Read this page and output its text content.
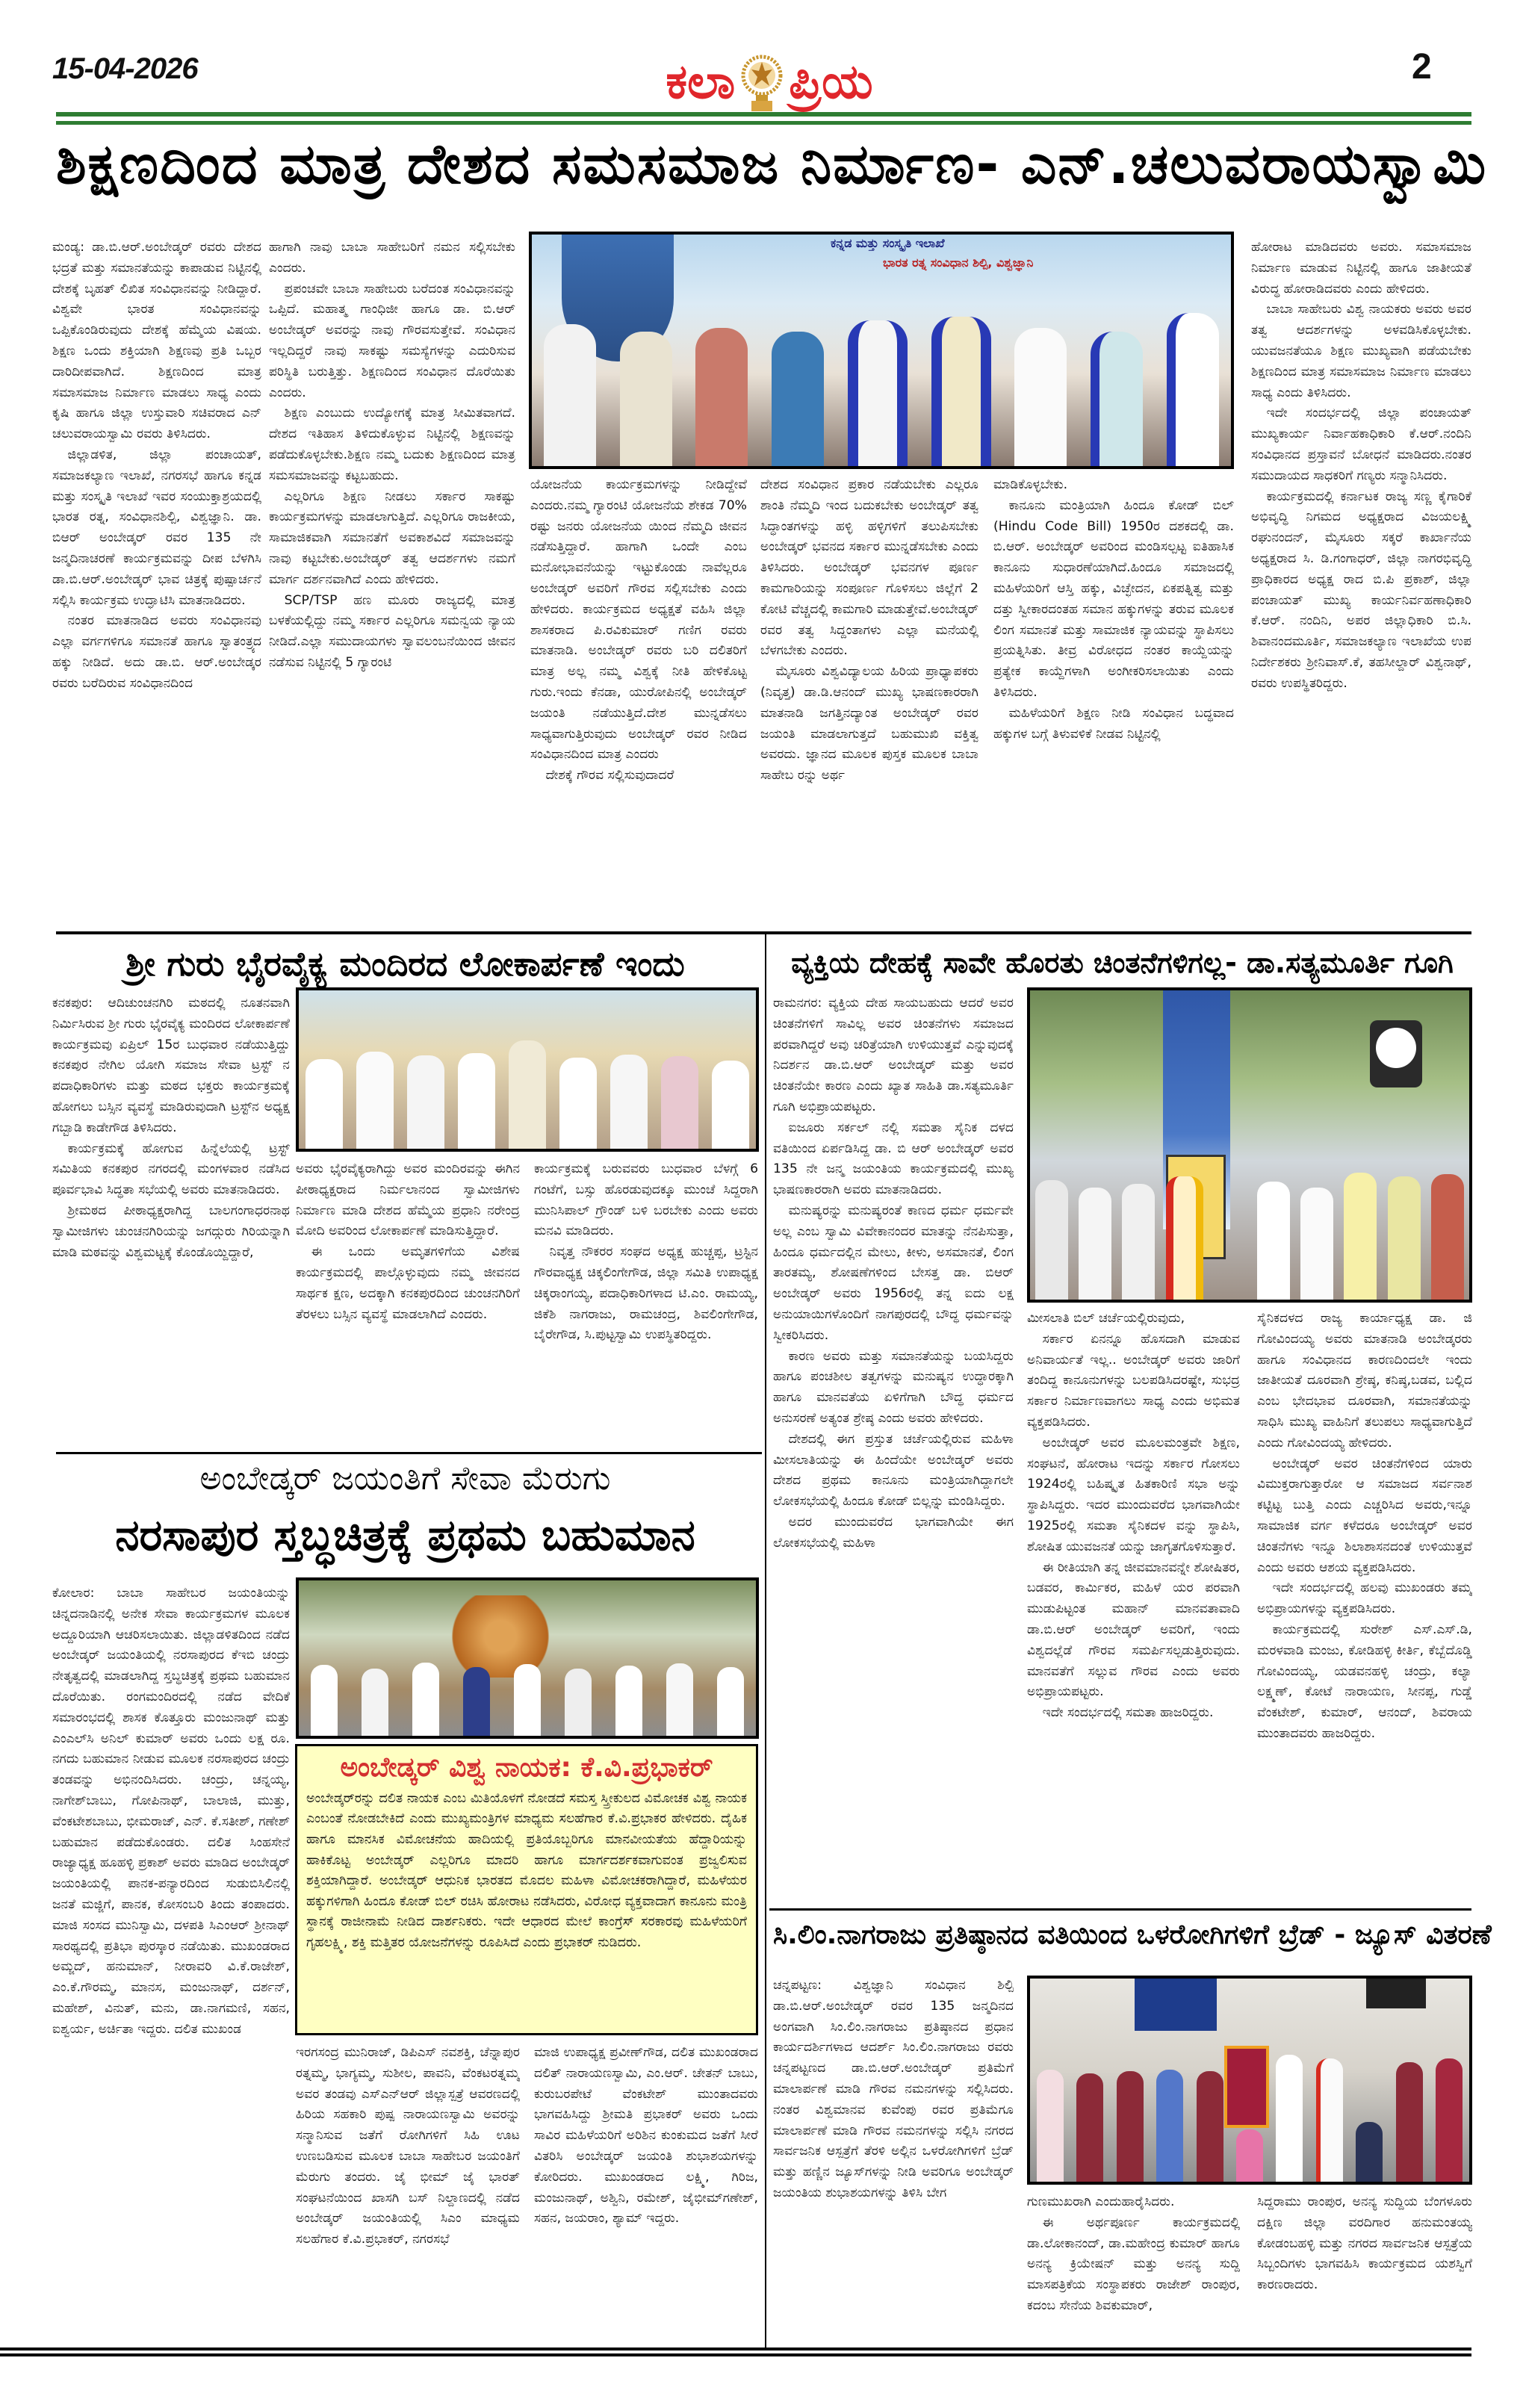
15-04-2026	ಕಲಾ ಪ್ರಿಯ	2
ಶಿಕ್ಷಣದಿಂದ ಮಾತ್ರ ದೇಶದ ಸಮಸಮಾಜ ನಿರ್ಮಾಣ- ಎನ್.ಚಲುವರಾಯಸ್ವಾಮಿ

ಮಂಡ್ಯ: ಡಾ.ಬಿ.ಆರ್.ಅಂಬೇಡ್ಕರ್ ರವರು ದೇಶದ ಭದ್ರತೆ ಮತ್ತು ಸಮಾನತೆಯನ್ನು ಕಾಪಾಡುವ ನಿಟ್ಟಿನಲ್ಲಿ ದೇಶಕ್ಕೆ ಬೃಹತ್ ಲಿಖಿತ ಸಂವಿಧಾನವನ್ನು ನೀಡಿದ್ದಾರೆ. ವಿಶ್ವವೇ ಭಾರತ ಸಂವಿಧಾನವನ್ನು ಒಪ್ಪಿಕೊಂಡಿರುವುದು ದೇಶಕ್ಕೆ ಹೆಮ್ಮೆಯ ವಿಷಯ. ಶಿಕ್ಷಣ ಒಂದು ಶಕ್ತಿಯಾಗಿ ಶಿಕ್ಷಣವು ಪ್ರತಿ ಒಬ್ಬರ ದಾರಿದೀಪವಾಗಿದೆ. ಶಿಕ್ಷಣದಿಂದ ಮಾತ್ರ ಸಮಾಸಮಾಜ ನಿರ್ಮಾಣ ಮಾಡಲು ಸಾಧ್ಯ ಎಂದು ಕೃಷಿ ಹಾಗೂ ಜಿಲ್ಲಾ ಉಸ್ತುವಾರಿ ಸಚಿವರಾದ ಎನ್ ಚಲುವರಾಯಸ್ವಾಮಿ ರವರು ತಿಳಿಸಿದರು.

ಜಿಲ್ಲಾಡಳಿತ, ಜಿಲ್ಲಾ ಪಂಚಾಯತ್, ಸಮಾಜಕಲ್ಯಾಣ ಇಲಾಖೆ, ನಗರಸಭೆ ಹಾಗೂ ಕನ್ನಡ ಮತ್ತು ಸಂಸ್ಕೃತಿ ಇಲಾಖೆ ಇವರ ಸಂಯುಕ್ತಾಶ್ರಯದಲ್ಲಿ ಭಾರತ ರತ್ನ, ಸಂವಿಧಾನಶಿಲ್ಪಿ, ವಿಶ್ವಜ್ಞಾನಿ. ಡಾ. ಬಿಆರ್ ಅಂಬೇಡ್ಕರ್ ರವರ 135 ನೇ ಜನ್ಮದಿನಾಚರಣೆ ಕಾರ್ಯಕ್ರಮವನ್ನು ದೀಪ ಬೆಳಗಿಸಿ ಡಾ.ಬಿ.ಆರ್.ಅಂಬೇಡ್ಕರ್ ಭಾವ ಚಿತ್ರಕ್ಕೆ ಪುಷ್ಪಾರ್ಚನೆ ಸಲ್ಲಿಸಿ ಕಾರ್ಯಕ್ರಮ ಉದ್ಘಾಟಿಸಿ ಮಾತನಾಡಿದರು.

ನಂತರ ಮಾತನಾಡಿದ ಅವರು ಸಂವಿಧಾನವು ಎಲ್ಲಾ ವರ್ಗಗಳಿಗೂ ಸಮಾನತೆ ಹಾಗೂ ಸ್ವಾತಂತ್ರ್ಯದ ಹಕ್ಕು ನೀಡಿದೆ. ಅದು ಡಾ.ಬಿ. ಆರ್.ಅಂಬೇಡ್ಕರ ರವರು ಬರೆದಿರುವ ಸಂವಿಧಾನದಿಂದ

ಹಾಗಾಗಿ ನಾವು ಬಾಬಾ ಸಾಹೇಬರಿಗೆ ನಮನ ಸಲ್ಲಿಸಬೇಕು ಎಂದರು.

ಪ್ರಪಂಚವೇ ಬಾಬಾ ಸಾಹೇಬರು ಬರೆದಂತ ಸಂವಿಧಾನವನ್ನು ಒಪ್ಪಿದೆ. ಮಹಾತ್ಮ ಗಾಂಧಿಜೀ ಹಾಗೂ ಡಾ. ಬಿ.ಆರ್ ಅಂಬೇಡ್ಕರ್ ಅವರನ್ನು ನಾವು ಗೌರವಸುತ್ತೇವೆ. ಸಂವಿಧಾನ ಇಲ್ಲದಿದ್ದರೆ ನಾವು ಸಾಕಷ್ಟು ಸಮಸ್ಯೆಗಳನ್ನು ಎದುರಿಸುವ ಪರಿಸ್ಥಿತಿ ಬರುತ್ತಿತ್ತು. ಶಿಕ್ಷಣದಿಂದ ಸಂವಿಧಾನ ದೊರೆಯಿತು ಎಂದರು.

ಶಿಕ್ಷಣ ಎಂಬುದು ಉದ್ಯೋಗಕ್ಕೆ ಮಾತ್ರ ಸೀಮಿತವಾಗದೆ. ದೇಶದ ಇತಿಹಾಸ ತಿಳಿದುಕೊಳ್ಳುವ ನಿಟ್ಟಿನಲ್ಲಿ ಶಿಕ್ಷಣವನ್ನು ಪಡೆದುಕೊಳ್ಳಬೇಕು.ಶಿಕ್ಷಣ ನಮ್ಮ ಬದುಕು ಶಿಕ್ಷಣದಿಂದ ಮಾತ್ರ ಸಮಸಮಾಜವನ್ನು ಕಟ್ಟಬಹುದು.

ಎಲ್ಲರಿಗೂ ಶಿಕ್ಷಣ ನೀಡಲು ಸರ್ಕಾರ ಸಾಕಷ್ಟು ಕಾರ್ಯಕ್ರಮಗಳನ್ನು ಮಾಡಲಾಗುತ್ತಿದೆ. ಎಲ್ಲರಿಗೂ ರಾಜಕೀಯ, ಸಾಮಾಜಿಕವಾಗಿ ಸಮಾನತೆಗೆ ಅವಕಾಶವಿದೆ ಸಮಾಜವನ್ನು ನಾವು ಕಟ್ಟಬೇಕು.ಅಂಬೇಡ್ಕರ್ ತತ್ವ ಆದರ್ಶಗಳು ನಮಗೆ ಮಾರ್ಗ ದರ್ಶನವಾಗಿದೆ ಎಂದು ಹೇಳಿದರು.

SCP/TSP ಹಣ ಮೂರು ರಾಜ್ಯದಲ್ಲಿ ಮಾತ್ರ ಬಳಕೆಯಲ್ಲಿದ್ದು ನಮ್ಮ ಸರ್ಕಾರ ಎಲ್ಲರಿಗೂ ಸಮನ್ವಯ ನ್ಯಾಯ ನೀಡಿದೆ.ಎಲ್ಲಾ ಸಮುದಾಯಗಳು ಸ್ವಾವಲಂಬನೆಯಿಂದ ಜೀವನ ನಡೆಸುವ ನಿಟ್ಟಿನಲ್ಲಿ 5 ಗ್ಯಾರಂಟಿ

ಕನ್ನಡ ಮತ್ತು ಸಂಸ್ಕೃತಿ ಇಲಾಖೆ
ಭಾರತ ರತ್ನ ಸಂವಿಧಾನ ಶಿಲ್ಪಿ, ವಿಶ್ವಜ್ಞಾನಿ

ಯೋಜನೆಯ ಕಾರ್ಯಕ್ರಮಗಳನ್ನು ನೀಡಿದ್ದೇವೆ ಎಂದರು.ನಮ್ಮ ಗ್ಯಾರಂಟಿ ಯೋಜನೆಯ ಶೇಕಡ 70% ರಷ್ಟು ಜನರು ಯೋಜನೆಯ ಯಿಂದ ನೆಮ್ಮದಿ ಜೀವನ ನಡೆಸುತ್ತಿದ್ದಾರೆ. ಹಾಗಾಗಿ ಒಂದೇ ಎಂಬ ಮನೋಭಾವನೆಯನ್ನು ಇಟ್ಟುಕೊಂಡು ನಾವೆಲ್ಲರೂ ಅಂಬೇಡ್ಕರ್ ಅವರಿಗೆ ಗೌರವ ಸಲ್ಲಿಸಬೇಕು ಎಂದು ಹೇಳಿದರು. ಕಾರ್ಯಕ್ರಮದ ಅಧ್ಯಕ್ಷತೆ ವಹಿಸಿ ಜಿಲ್ಲಾ ಶಾಸಕರಾದ ಪಿ.ರವಿಕುಮಾರ್ ಗಣಿಗ ರವರು ಮಾತನಾಡಿ. ಅಂಬೇಡ್ಕರ್ ರವರು ಬರಿ ದಲಿತರಿಗೆ ಮಾತ್ರ ಅಲ್ಲ ನಮ್ಮ ವಿಶ್ವಕ್ಕೆ ನೀತಿ ಹೇಳಿಕೊಟ್ಟ ಗುರು.ಇಂದು ಕೆನಡಾ, ಯುರೋಪಿನಲ್ಲಿ ಅಂಬೇಡ್ಕರ್ ಜಯಂತಿ ನಡೆಯುತ್ತಿದೆ.ದೇಶ ಮುನ್ನಡೆಸಲು ಸಾಧ್ಯವಾಗುತ್ತಿರುವುದು ಅಂಬೇಡ್ಕರ್ ರವರ ನೀಡಿದ ಸಂವಿಧಾನದಿಂದ ಮಾತ್ರ ಎಂದರು

ದೇಶಕ್ಕೆ ಗೌರವ ಸಲ್ಲಿಸುವುದಾದರೆ

ದೇಶದ ಸಂವಿಧಾನ ಪ್ರಕಾರ ನಡೆಯಬೇಕು ಎಲ್ಲರೂ ಶಾಂತಿ ನೆಮ್ಮದಿ ಇಂದ ಬದುಕಬೇಕು ಅಂಬೇಡ್ಕರ್ ತತ್ವ ಸಿದ್ಧಾಂತಗಳನ್ನು ಹಳ್ಳಿ ಹಳ್ಳಿಗಳಿಗೆ ತಲುಪಿಸಬೇಕು ಅಂಬೇಡ್ಕರ್ ಭವನದ ಸರ್ಕಾರ ಮುನ್ನಡೆಸಬೇಕು ಎಂದು ತಿಳಿಸಿದರು. ಅಂಬೇಡ್ಕರ್ ಭವನಗಳ ಪೂರ್ಣ ಕಾಮಗಾರಿಯನ್ನು ಸಂಪೂರ್ಣ ಗೊಳಿಸಲು ಜಿಲ್ಲೆಗೆ 2 ಕೋಟಿ ವೆಚ್ಚದಲ್ಲಿ ಕಾಮಗಾರಿ ಮಾಡುತ್ತೇವೆ.ಅಂಬೇಡ್ಕರ್ ರವರ ತತ್ವ ಸಿದ್ದಂತಾಗಳು ಎಲ್ಲಾ ಮನೆಯಲ್ಲಿ ಬೆಳಗಬೇಕು ಎಂದರು.

ಮೈಸೂರು ವಿಶ್ವವಿದ್ಯಾಲಯ ಹಿರಿಯ ಪ್ರಾಧ್ಯಾಪಕರು (ನಿವೃತ್ತ) ಡಾ.ಡಿ.ಆನಂದ್ ಮುಖ್ಯ ಭಾಷಣಕಾರರಾಗಿ ಮಾತನಾಡಿ ಜಗತ್ತಿನದ್ಯಾಂತ ಅಂಬೇಡ್ಕರ್ ರವರ ಜಯಂತಿ ಮಾಡಲಾಗುತ್ತದೆ ಬಹುಮುಖಿ ವಕ್ತಿತ್ವ ಅವರದು. ಜ್ಞಾನದ ಮೂಲಕ ಪುಸ್ತಕ ಮೂಲಕ ಬಾಬಾ ಸಾಹೇಬ ರನ್ನು ಅರ್ಥ

ಮಾಡಿಕೊಳ್ಳಬೇಕು.

ಕಾನೂನು ಮಂತ್ರಿಯಾಗಿ ಹಿಂದೂ ಕೋಡ್ ಬಿಲ್ (Hindu Code Bill) 1950ರ ದಶಕದಲ್ಲಿ ಡಾ. ಬಿ.ಆರ್. ಅಂಬೇಡ್ಕರ್ ಅವರಿಂದ ಮಂಡಿಸಲ್ಪಟ್ಟ ಐತಿಹಾಸಿಕ ಕಾನೂನು ಸುಧಾರಣೆಯಾಗಿದೆ.ಹಿಂದೂ ಸಮಾಜದಲ್ಲಿ ಮಹಿಳೆಯರಿಗೆ ಆಸ್ತಿ ಹಕ್ಕು, ವಿಚ್ಛೇದನ, ಏಕಪತ್ನಿತ್ವ ಮತ್ತು ದತ್ತು ಸ್ವೀಕಾರದಂತಹ ಸಮಾನ ಹಕ್ಕುಗಳನ್ನು ತರುವ ಮೂಲಕ ಲಿಂಗ ಸಮಾನತೆ ಮತ್ತು ಸಾಮಾಜಿಕ ನ್ಯಾಯವನ್ನು ಸ್ಥಾಪಿಸಲು ಪ್ರಯತ್ನಿಸಿತು. ತೀವ್ರ ವಿರೋಧದ ನಂತರ ಕಾಯ್ದೆಯನ್ನು ಪ್ರತ್ಯೇಕ ಕಾಯ್ದೆಗಳಾಗಿ ಅಂಗೀಕರಿಸಲಾಯಿತು ಎಂದು ತಿಳಿಸಿದರು.

ಮಹಿಳೆಯರಿಗೆ ಶಿಕ್ಷಣ ನೀಡಿ ಸಂವಿಧಾನ ಬದ್ಧವಾದ ಹಕ್ಕುಗಳ ಬಗ್ಗೆ ತಿಳುವಳಿಕೆ ನೀಡವ ನಿಟ್ಟಿನಲ್ಲಿ

ಹೋರಾಟ ಮಾಡಿದವರು ಅವರು. ಸಮಾಸಮಾಜ ನಿರ್ಮಾಣ ಮಾಡುವ ನಿಟ್ಟಿನಲ್ಲಿ ಹಾಗೂ ಜಾತೀಯತೆ ವಿರುದ್ಧ ಹೋರಾಡಿದವರು ಎಂದು ಹೇಳಿದರು.

ಬಾಬಾ ಸಾಹೇಬರು ವಿಶ್ವ ನಾಯಕರು ಅವರು ಅವರ ತತ್ವ ಆದರ್ಶಗಳನ್ನು ಅಳವಡಿಸಿಕೊಳ್ಳಬೇಕು. ಯುವಜನತೆಯೂ ಶಿಕ್ಷಣ ಮುಖ್ಯವಾಗಿ ಪಡೆಯಬೇಕು ಶಿಕ್ಷಣದಿಂದ ಮಾತ್ರ ಸಮಾಸಮಾಜ ನಿರ್ಮಾಣ ಮಾಡಲು ಸಾಧ್ಯ ಎಂದು ತಿಳಿಸಿದರು.

ಇದೇ ಸಂದರ್ಭದಲ್ಲಿ ಜಿಲ್ಲಾ ಪಂಚಾಯತ್ ಮುಖ್ಯಕಾರ್ಯ ನಿರ್ವಾಹಕಾಧಿಕಾರಿ ಕೆ.ಆರ್.ನಂದಿನಿ ಸಂವಿಧಾನದ ಪ್ರಸ್ತಾವನೆ ಬೋಧನೆ ಮಾಡಿದರು.ನಂತರ ಸಮುದಾಯದ ಸಾಧಕರಿಗೆ ಗಣ್ಯರು ಸನ್ಮಾನಿಸಿದರು.

ಕಾರ್ಯಕ್ರಮದಲ್ಲಿ ಕರ್ನಾಟಕ ರಾಜ್ಯ ಸಣ್ಣ ಕೈಗಾರಿಕೆ ಅಭಿವೃದ್ಧಿ ನಿಗಮದ ಅಧ್ಯಕ್ಷರಾದ ವಿಜಯಲಕ್ಷ್ಮಿ ರಘುನಂದನ್, ಮೈಸೂರು ಸಕ್ಕರೆ ಕಾರ್ಖಾನೆಯ ಅಧ್ಯಕ್ಷರಾದ ಸಿ. ಡಿ.ಗಂಗಾಧರ್, ಜಿಲ್ಲಾ ನಾಗರಭಿವೃದ್ಧಿ ಪ್ರಾಧಿಕಾರದ ಅಧ್ಯಕ್ಷ ರಾದ ಬಿ.ಪಿ ಪ್ರಕಾಶ್, ಜಿಲ್ಲಾ ಪಂಚಾಯತ್ ಮುಖ್ಯ ಕಾರ್ಯನಿರ್ವಹಣಾಧಿಕಾರಿ ಕೆ.ಆರ್. ನಂದಿನಿ, ಅಪರ ಜಿಲ್ಲಾಧಿಕಾರಿ ಬಿ.ಸಿ. ಶಿವಾನಂದಮೂರ್ತಿ, ಸಮಾಜಕಲ್ಯಾಣ ಇಲಾಖೆಯ ಉಪ ನಿರ್ದೇಶಕರು ಶ್ರೀನಿವಾಸ್.ಕೆ, ತಹಸೀಲ್ದಾರ್ ವಿಶ್ವನಾಥ್, ರವರು ಉಪಸ್ಥಿತರಿದ್ದರು.

ಶ್ರೀ ಗುರು ಭೈರವೈಕ್ಯ ಮಂದಿರದ ಲೋಕಾರ್ಪಣೆ ಇಂದು

ಕನಕಪುರ: ಆದಿಚುಂಚನಗಿರಿ ಮಠದಲ್ಲಿ ನೂತನವಾಗಿ ನಿರ್ಮಿಸಿರುವ ಶ್ರೀ ಗುರು ಭೈರವೈಕ್ಯ ಮಂದಿರದ ಲೋಕಾರ್ಪಣೆ ಕಾರ್ಯಕ್ರಮವು ಏಪ್ರಿಲ್ 15ರ ಬುಧವಾರ ನಡೆಯುತ್ತಿದ್ದು ಕನಕಪುರ ನೇಗಿಲ ಯೋಗಿ ಸಮಾಜ ಸೇವಾ ಟ್ರಸ್ಟ್ ನ ಪದಾಧಿಕಾರಿಗಳು ಮತ್ತು ಮಠದ ಭಕ್ತರು ಕಾರ್ಯಕ್ರಮಕ್ಕೆ ಹೋಗಲು ಬಸ್ಸಿನ ವ್ಯವಸ್ಥೆ ಮಾಡಿರುವುದಾಗಿ ಟ್ರಸ್ಟ್‌ನ ಅಧ್ಯಕ್ಷ ಗಬ್ಬಾಡಿ ಕಾಡೇಗೌಡ ತಿಳಿಸಿದರು.

ಕಾರ್ಯಕ್ರಮಕ್ಕೆ ಹೋಗುವ ಹಿನ್ನೆಲೆಯಲ್ಲಿ ಟ್ರಸ್ಟ್ ಸಮಿತಿಯ ಕನಕಪುರ ನಗರದಲ್ಲಿ ಮಂಗಳವಾರ ನಡೆಸಿದ ಪೂರ್ವಭಾವಿ ಸಿದ್ಧತಾ ಸಭೆಯಲ್ಲಿ ಅವರು ಮಾತನಾಡಿದರು.

ಶ್ರೀಮಠದ ಪೀಠಾಧ್ಯಕ್ಷರಾಗಿದ್ದ ಬಾಲಗಂಗಾಧರನಾಥ ಸ್ವಾಮೀಜಿಗಳು ಚುಂಚನಗಿರಿಯನ್ನು ಜಗದ್ಗುರು ಗಿರಿಯನ್ನಾಗಿ ಮಾಡಿ ಮಠವನ್ನು ವಿಶ್ವಮಟ್ಟಕ್ಕೆ ಕೊಂಡೊಯ್ದಿದ್ದಾರೆ,

ಅವರು ಭೈರವೈಕ್ಯರಾಗಿದ್ದು ಅವರ ಮಂದಿರವನ್ನು ಈಗಿನ ಪೀಠಾಧ್ಯಕ್ಷರಾದ ನಿರ್ಮಲಾನಂದ ಸ್ವಾಮೀಜಿಗಳು ನಿರ್ಮಾಣ ಮಾಡಿ ದೇಶದ ಹೆಮ್ಮೆಯ ಪ್ರಧಾನಿ ನರೇಂದ್ರ ಮೋದಿ ಅವರಿಂದ ಲೋಕಾರ್ಪಣೆ ಮಾಡಿಸುತ್ತಿದ್ದಾರೆ.

ಈ ಒಂದು ಅಮೃತಗಳಿಗೆಯ ವಿಶೇಷ ಕಾರ್ಯಕ್ರಮದಲ್ಲಿ ಪಾಲ್ಗೊಳ್ಳುವುದು ನಮ್ಮ ಜೀವನದ ಸಾರ್ಥಕ ಕ್ಷಣ, ಅದಕ್ಕಾಗಿ ಕನಕಪುರದಿಂದ ಚುಂಚನಗಿರಿಗೆ ತೆರಳಲು ಬಸ್ಸಿನ ವ್ಯವಸ್ಥೆ ಮಾಡಲಾಗಿದೆ ಎಂದರು.

ಕಾರ್ಯಕ್ರಮಕ್ಕೆ ಬರುವವರು ಬುಧವಾರ ಬೆಳಗ್ಗೆ 6 ಗಂಟೆಗೆ, ಬಸ್ಸು ಹೊರಡುವುದಕ್ಕೂ ಮುಂಚೆ ಸಿದ್ದರಾಗಿ ಮುನಿಸಿಪಾಲ್ ಗ್ರೌಂಡ್ ಬಳಿ ಬರಬೇಕು ಎಂದು ಅವರು ಮನವಿ ಮಾಡಿದರು.

ನಿವೃತ್ತ ನೌಕರರ ಸಂಘದ ಅಧ್ಯಕ್ಷ ಹುಚ್ಚಪ್ಪ, ಟ್ರಸ್ಟಿನ ಗೌರವಾಧ್ಯಕ್ಷ ಚಿಕ್ಕಲಿಂಗೇಗೌಡ, ಜಿಲ್ಲಾ ಸಮಿತಿ ಉಪಾಧ್ಯಕ್ಷ ಚಿಕ್ಕರಾಂಗಯ್ಯ, ಪದಾಧಿಕಾರಿಗಳಾದ ಟಿ.ಎಂ. ರಾಮಯ್ಯ, ಜಿಕೆಶಿ ನಾಗರಾಜು, ರಾಮಚಂದ್ರ, ಶಿವಲಿಂಗೇಗೌಡ, ಬೈರೇಗೌಡ, ಸಿ.ಪುಟ್ಟಸ್ವಾಮಿ ಉಪಸ್ಥಿತರಿದ್ದರು.

ಅಂಬೇಡ್ಕರ್ ಜಯಂತಿಗೆ ಸೇವಾ ಮೆರುಗು
ನರಸಾಪುರ ಸ್ತಬ್ಧಚಿತ್ರಕ್ಕೆ ಪ್ರಥಮ ಬಹುಮಾನ

ಕೋಲಾರ: ಬಾಬಾ ಸಾಹೇಬರ ಜಯಂತಿಯನ್ನು ಚಿನ್ನದನಾಡಿನಲ್ಲಿ ಅನೇಕ ಸೇವಾ ಕಾರ್ಯಕ್ರಮಗಳ ಮೂಲಕ ಅದ್ದೂರಿಯಾಗಿ ಆಚರಿಸಲಾಯಿತು. ಜಿಲ್ಲಾಡಳಿತದಿಂದ ನಡೆದ ಅಂಬೇಡ್ಕರ್ ಜಯಂತಿಯಲ್ಲಿ ನರಸಾಪುರದ ಕೆಇಬಿ ಚಂದ್ರು ನೇತೃತ್ವದಲ್ಲಿ ಮಾಡಲಾಗಿದ್ದ ಸ್ತಬ್ಧಚಿತ್ರಕ್ಕೆ ಪ್ರಥಮ ಬಹುಮಾನ ದೊರೆಯಿತು. ರಂಗಮಂದಿರದಲ್ಲಿ ನಡೆದ ವೇದಿಕೆ ಸಮಾರಂಭದಲ್ಲಿ ಶಾಸಕ ಕೊತ್ತೂರು ಮಂಜುನಾಥ್ ಮತ್ತು ಎಂಎಲ್‌ಸಿ ಅನಿಲ್ ಕುಮಾರ್ ಅವರು ಒಂದು ಲಕ್ಷ ರೂ. ನಗದು ಬಹುಮಾನ ನೀಡುವ ಮೂಲಕ ನರಸಾಪುರದ ಚಂದ್ರು ತಂಡವನ್ನು ಅಭಿನಂದಿಸಿದರು. ಚಂದ್ರು, ಚನ್ನಯ್ಯ, ನಾಗೇಶ್‌ಬಾಬು, ಗೋಪಿನಾಥ್, ಬಾಲಾಜಿ, ಮುತ್ತು, ವೆಂಕಟೇಶಬಾಬು, ಭೀಮರಾಜ್, ಎನ್. ಕೆ.ಸತೀಶ್, ಗಣೇಶ್ ಬಹುಮಾನ ಪಡೆದುಕೊಂಡರು. ದಲಿತ ಸಿಂಹಸೇನೆ ರಾಜ್ಯಾಧ್ಯಕ್ಷ ಹೂಹಳ್ಳಿ ಪ್ರಕಾಶ್ ಅವರು ಮಾಡಿದ ಅಂಬೇಡ್ಕರ್ ಜಯಂತಿಯಲ್ಲಿ ಪಾನಕ-ಪನ್ಯಾರದಿಂದ ಸುಡುಬಿಸಿಲಿನಲ್ಲಿ ಜನತೆ ಮಜ್ಜಿಗೆ, ಪಾನಕ, ಕೋಸಂಬರಿ ತಿಂದು ತಂಪಾದರು. ಮಾಜಿ ಸಂಸದ ಮುನಿಸ್ವಾಮಿ, ದಳಪತಿ ಸಿಎಂಆರ್ ಶ್ರೀನಾಥ್ ಸಾರಥ್ಯದಲ್ಲಿ ಪ್ರತಿಭಾ ಪುರಸ್ಕಾರ ನಡೆಯಿತು. ಮುಖಂಡರಾದ ಅಮ್ಜದ್, ಹನುಮಾನ್, ನೀರಾವರಿ ವಿ.ಕೆ.ರಾಜೇಶ್, ಎಂ.ಕೆ.ಗೌರಮ್ಮ, ಮಾನಸ, ಮಂಜುನಾಥ್, ದರ್ಶನ್, ಮಹೇಶ್, ವಿನುತ್, ಮನು, ಡಾ.ನಾಗಮಣಿ, ಸಹನ, ಐಶ್ವರ್ಯ, ಅರ್ಚಿತಾ ಇದ್ದರು. ದಲಿತ ಮುಖಂಡ

ಅಂಬೇಡ್ಕರ್ ವಿಶ್ವ ನಾಯಕ: ಕೆ.ವಿ.ಪ್ರಭಾಕರ್
ಅಂಬೇಡ್ಕರ್‌ರನ್ನು ದಲಿತ ನಾಯಕ ಎಂಬ ಮಿತಿಯೊಳಗೆ ನೋಡದೆ ಸಮಸ್ತ ಸ್ತ್ರೀಕುಲದ ವಿಮೋಚಕ ವಿಶ್ವ ನಾಯಕ ಎಂಬಂತೆ ನೋಡಬೇಕಿದೆ ಎಂದು ಮುಖ್ಯಮಂತ್ರಿಗಳ ಮಾಧ್ಯಮ ಸಲಹೆಗಾರ ಕೆ.ವಿ.ಪ್ರಭಾಕರ ಹೇಳಿದರು. ದೈಹಿಕ ಹಾಗೂ ಮಾನಸಿಕ ವಿಮೋಚನೆಯ ಹಾದಿಯಲ್ಲಿ ಪ್ರತಿಯೊಬ್ಬರಿಗೂ ಮಾನವೀಯತೆಯ ಹೆದ್ದಾರಿಯನ್ನು ಹಾಕಿಕೊಟ್ಟ ಅಂಬೇಡ್ಕರ್ ಎಲ್ಲರಿಗೂ ಮಾದರಿ ಹಾಗೂ ಮಾರ್ಗದರ್ಶಕವಾಗುವಂತ ಪ್ರಜ್ವಲಿಸುವ ಶಕ್ತಿಯಾಗಿದ್ದಾರೆ. ಅಂಬೇಡ್ಕರ್ ಆಧುನಿಕ ಭಾರತದ ಮೊದಲ ಮಹಿಳಾ ವಿಮೋಚಕರಾಗಿದ್ದಾರೆ, ಮಹಿಳೆಯರ ಹಕ್ಕುಗಳಿಗಾಗಿ ಹಿಂದೂ ಕೋಡ್ ಬಿಲ್ ರಚಿಸಿ ಹೋರಾಟ ನಡೆಸಿದರು, ವಿರೋಧ ವ್ಯಕ್ತವಾದಾಗ ಕಾನೂನು ಮಂತ್ರಿ ಸ್ಥಾನಕ್ಕೆ ರಾಜೀನಾಮೆ ನೀಡಿದ ದಾರ್ಶನಿಕರು. ಇದೇ ಆಧಾರದ ಮೇಲೆ ಕಾಂಗ್ರೆಸ್ ಸರಕಾರವು ಮಹಿಳೆಯರಿಗೆ ಗೃಹಲಕ್ಷ್ಮಿ, ಶಕ್ತಿ ಮತ್ತಿತರ ಯೋಜನೆಗಳನ್ನು ರೂಪಿಸಿದೆ ಎಂದು ಪ್ರಭಾಕರ್ ನುಡಿದರು.

ಇರಗಸಂದ್ರ ಮುನಿರಾಜ್, ಡಿಪಿಎಸ್ ನವಶಕ್ತಿ, ಚೆನ್ನಾಪುರ ರತ್ನಮ್ಮ, ಭಾಗ್ಯಮ್ಮ, ಸುಶೀಲ, ಪಾವನಿ, ವೆಂಕಟರತ್ನಮ್ಮ ಅವರ ತಂಡವು ಎಸ್ಎನ್ಆರ್ ಜಿಲ್ಲಾಸ್ಪತ್ರೆ ಆವರಣದಲ್ಲಿ ಹಿರಿಯ ಸಹಕಾರಿ ಪುಷ್ಪ ನಾರಾಯಣಸ್ವಾಮಿ ಅವರನ್ನು ಸನ್ಮಾನಿಸುವ ಜತೆಗೆ ರೋಗಿಗಳಿಗೆ ಸಿಹಿ ಊಟ ಉಣಬಡಿಸುವ ಮೂಲಕ ಬಾಬಾ ಸಾಹೇಬರ ಜಯಂತಿಗೆ ಮೆರುಗು ತಂದರು. ಜೈ ಭೀಮ್ ಜೈ ಭಾರತ್ ಸಂಘಟನೆಯಿಂದ ಖಾಸಗಿ ಬಸ್ ನಿಲ್ದಾಣದಲ್ಲಿ ನಡೆದ ಅಂಬೇಡ್ಕರ್ ಜಯಂತಿಯಲ್ಲಿ ಸಿಎಂ ಮಾಧ್ಯಮ ಸಲಹೆಗಾರ ಕೆ.ವಿ.ಪ್ರಭಾಕರ್, ನಗರಸಭೆ

ಮಾಜಿ ಉಪಾಧ್ಯಕ್ಷ ಪ್ರವೀಣ್‌ಗೌಡ, ದಲಿತ ಮುಖಂಡರಾದ ದಲಿತ್ ನಾರಾಯಣಸ್ವಾಮಿ, ಎಂ.ಆರ್. ಚೇತನ್ ಬಾಬು, ಕುರುಬರಪೇಟೆ ವೆಂಕಟೇಶ್ ಮುಂತಾದವರು ಭಾಗವಹಿಸಿದ್ದು ಶ್ರೀಮತಿ ಪ್ರಭಾಕರ್ ಅವರು ಒಂದು ಸಾವಿರ ಮಹಿಳೆಯರಿಗೆ ಅರಿಶಿನ ಕುಂಕುಮದ ಜತೆಗೆ ಸೀರೆ ವಿತರಿಸಿ ಅಂಬೇಡ್ಕರ್ ಜಯಂತಿ ಶುಭಾಶಯಗಳನ್ನು ಕೋರಿದರು. ಮುಖಂಡರಾದ ಲಕ್ಷ್ಮಿ, ಗಿರಿಜ, ಮಂಜುನಾಥ್, ಅಶ್ವಿನಿ, ರಮೇಶ್, ಜೈಭೀಮ್‌ಗಣೇಶ್, ಸಹನ, ಜಯರಾಂ, ಶ್ಯಾಮ್ ಇದ್ದರು.

ವ್ಯಕ್ತಿಯ ದೇಹಕ್ಕೆ ಸಾವೇ ಹೊರತು ಚಿಂತನೆಗಳಿಗಲ್ಲ- ಡಾ.ಸತ್ಯಮೂರ್ತಿ ಗೂಗಿ

ರಾಮನಗರ: ವ್ಯಕ್ತಿಯ ದೇಹ ಸಾಯಬಹುದು ಆದರೆ ಅವರ ಚಿಂತನೆಗಳಿಗೆ ಸಾವಿಲ್ಲ ಅವರ ಚಿಂತನೆಗಳು ಸಮಾಜದ ಪರವಾಗಿದ್ದರೆ ಅವು ಚರಿತ್ರೆಯಾಗಿ ಉಳಿಯುತ್ತವೆ ಎನ್ನುವುದಕ್ಕೆ ನಿದರ್ಶನ ಡಾ.ಬಿ.ಆರ್ ಅಂಬೇಡ್ಕರ್ ಮತ್ತು ಅವರ ಚಿಂತನೆಯೇ ಕಾರಣ ಎಂದು ಖ್ಯಾತ ಸಾಹಿತಿ ಡಾ.ಸತ್ಯಮೂರ್ತಿ ಗೂಗಿ ಅಭಿಪ್ರಾಯಪಟ್ಟರು.

ಐಜೂರು ಸರ್ಕಲ್ ನಲ್ಲಿ ಸಮತಾ ಸೈನಿಕ ದಳದ ವತಿಯಿಂದ ಏರ್ಪಡಿಸಿದ್ದ ಡಾ. ಬಿ ಆರ್ ಅಂಬೇಡ್ಕರ್ ಅವರ 135 ನೇ ಜನ್ಮ ಜಯಂತಿಯ ಕಾರ್ಯಕ್ರಮದಲ್ಲಿ ಮುಖ್ಯ ಭಾಷಣಕಾರರಾಗಿ ಅವರು ಮಾತನಾಡಿದರು.

ಮನುಷ್ಯರನ್ನು ಮನುಷ್ಯರಂತೆ ಕಾಣದ ಧರ್ಮ ಧರ್ಮವೇ ಅಲ್ಲ ಎಂಬ ಸ್ವಾಮಿ ವಿವೇಕಾನಂದರ ಮಾತನ್ನು ನೆನಪಿಸುತ್ತಾ, ಹಿಂದೂ ಧರ್ಮದಲ್ಲಿನ ಮೇಲು, ಕೀಳು, ಅಸಮಾನತೆ, ಲಿಂಗ ತಾರತಮ್ಯ, ಶೋಷಣೆಗಳಿಂದ ಬೇಸತ್ತ ಡಾ. ಬಿಆರ್ ಅಂಬೇಡ್ಕರ್ ಅವರು 1956ರಲ್ಲಿ ತನ್ನ ಐದು ಲಕ್ಷ ಅನುಯಾಯಿಗಳೊಂದಿಗೆ ನಾಗಪುರದಲ್ಲಿ ಬೌದ್ಧ ಧರ್ಮವನ್ನು ಸ್ವೀಕರಿಸಿದರು.

ಕಾರಣ ಅವರು ಮತ್ತು ಸಮಾನತೆಯನ್ನು ಬಯಸಿದ್ದರು ಹಾಗೂ ಪಂಚಶೀಲ ತತ್ವಗಳನ್ನು ಮನುಷ್ಯನ ಉದ್ಧಾರಕ್ಕಾಗಿ ಹಾಗೂ ಮಾನವತೆಯ ಏಳಿಗೆಗಾಗಿ ಬೌದ್ಧ ಧರ್ಮದ ಅನುಸರಣೆ ಅತ್ಯಂತ ಶ್ರೇಷ್ಠ ಎಂದು ಅವರು ಹೇಳಿದರು.

ದೇಶದಲ್ಲಿ ಈಗ ಪ್ರಸ್ತುತ ಚರ್ಚೆಯಲ್ಲಿರುವ ಮಹಿಳಾ ಮೀಸಲಾತಿಯನ್ನು ಈ ಹಿಂದೆಯೇ ಅಂಬೇಡ್ಕರ್ ಅವರು ದೇಶದ ಪ್ರಥಮ ಕಾನೂನು ಮಂತ್ರಿಯಾಗಿದ್ದಾಗಲೇ ಲೋಕಸಭೆಯಲ್ಲಿ ಹಿಂದೂ ಕೋಡ್ ಬಿಲ್ಲನ್ನು ಮಂಡಿಸಿದ್ದರು.

ಅದರ ಮುಂದುವರೆದ ಭಾಗವಾಗಿಯೇ ಈಗ ಲೋಕಸಭೆಯಲ್ಲಿ ಮಹಿಳಾ

ಮೀಸಲಾತಿ ಬಿಲ್ ಚರ್ಚೆಯಲ್ಲಿರುವುದು,

ಸರ್ಕಾರ ಏನನ್ನೂ ಹೊಸದಾಗಿ ಮಾಡುವ ಅನಿವಾರ್ಯತೆ ಇಲ್ಲ.. ಅಂಬೇಡ್ಕರ್ ಅವರು ಜಾರಿಗೆ ತಂದಿದ್ದ ಕಾನೂನುಗಳನ್ನು ಬಲಪಡಿಸಿದರಷ್ಟೇ, ಸುಭದ್ರ ಸರ್ಕಾರ ನಿರ್ಮಾಣವಾಗಲು ಸಾಧ್ಯ ಎಂದು ಅಭಿಮತ ವ್ಯಕ್ತಪಡಿಸಿದರು.

ಅಂಬೇಡ್ಕರ್ ಅವರ ಮೂಲಮಂತ್ರವೇ ಶಿಕ್ಷಣ, ಸಂಘಟನೆ, ಹೋರಾಟ ಇದನ್ನು ಸರ್ಕಾರ ಗೋಸಲು 1924ರಲ್ಲಿ ಬಹಿಷ್ಕೃತ ಹಿತಕಾರಿಣಿ ಸಭಾ ಅನ್ನು ಸ್ಥಾಪಿಸಿದ್ದರು. ಇದರ ಮುಂದುವರೆದ ಭಾಗವಾಗಿಯೇ 1925ರಲ್ಲಿ ಸಮತಾ ಸೈನಿಕದಳ ವನ್ನು ಸ್ಥಾಪಿಸಿ, ಶೋಷಿತ ಯುವಜನತೆ ಯನ್ನು ಜಾಗೃತಗೊಳಿಸುತ್ತಾರೆ.

ಈ ರೀತಿಯಾಗಿ ತನ್ನ ಜೀವಮಾನವನ್ನೇ ಶೋಷಿತರ, ಬಡವರ, ಕಾರ್ಮಿಕರ, ಮಹಿಳೆ ಯರ ಪರವಾಗಿ ಮುಡುಪಿಟ್ಟಂತ ಮಹಾನ್ ಮಾನವತಾವಾದಿ ಡಾ.ಬಿ.ಆರ್ ಅಂಬೇಡ್ಕರ್ ಅವರಿಗೆ, ಇಂದು ವಿಶ್ವದಲ್ಲೆಡೆ ಗೌರವ ಸಮರ್ಪಿಸಲ್ಪಡುತ್ತಿರುವುದು. ಮಾನವತೆಗೆ ಸಲ್ಲುವ ಗೌರವ ಎಂದು ಅವರು ಅಭಿಪ್ರಾಯಪಟ್ಟರು.

ಇದೇ ಸಂದರ್ಭದಲ್ಲಿ ಸಮತಾ ಹಾಜರಿದ್ದರು.

ಸೈನಿಕದಳದ ರಾಜ್ಯ ಕಾರ್ಯಾಧ್ಯಕ್ಷ ಡಾ. ಜಿ ಗೋವಿಂದಯ್ಯ ಅವರು ಮಾತನಾಡಿ ಅಂಬೇಡ್ಕರರು ಹಾಗೂ ಸಂವಿಧಾನದ ಕಾರಣದಿಂದಲೇ ಇಂದು ಜಾತೀಯತೆ ದೂರವಾಗಿ ಶ್ರೇಷ್ಠ, ಕನಿಷ್ಠ,ಬಡವ, ಬಲ್ಲಿದ ಎಂಬ ಭೇದಭಾವ ದೂರವಾಗಿ, ಸಮಾನತೆಯನ್ನು ಸಾಧಿಸಿ ಮುಖ್ಯ ವಾಹಿನಿಗೆ ತಲುಪಲು ಸಾಧ್ಯವಾಗುತ್ತಿದೆ ಎಂದು ಗೋವಿಂದಯ್ಯ ಹೇಳಿದರು.

ಅಂಬೇಡ್ಕರ್ ಅವರ ಚಿಂತನೆಗಳಿಂದ ಯಾರು ವಿಮುಕ್ತರಾಗುತ್ತಾರೋ ಆ ಸಮಾಜದ ಸರ್ವನಾಶ ಕಟ್ಟಿಟ್ಟ ಬುತ್ತಿ ಎಂದು ಎಚ್ಚರಿಸಿದ ಅವರು,ಇನ್ನೂ ಸಾಮಾಜಿಕ ವರ್ಗ ಕಳೆದರೂ ಅಂಬೇಡ್ಕರ್ ಅವರ ಚಿಂತನೆಗಳು ಇನ್ನೂ ಶಿಲಾಶಾಸನದಂತೆ ಉಳಿಯುತ್ತವೆ ಎಂದು ಅವರು ಆಶಯ ವ್ಯಕ್ತಪಡಿಸಿದರು.

ಇದೇ ಸಂದರ್ಭದಲ್ಲಿ ಹಲವು ಮುಖಂಡರು ತಮ್ಮ ಅಭಿಪ್ರಾಯಗಳನ್ನು ವ್ಯಕ್ತಪಡಿಸಿದರು.

ಕಾರ್ಯಕ್ರಮದಲ್ಲಿ ಸುರೇಶ್ ಎಸ್.ಎಸ್.ಡಿ, ಮರಳವಾಡಿ ಮಂಜು, ಕೋಡಿಹಳ್ಳಿ ಕೀರ್ತಿ, ಕೆಬ್ಬೆದೊಡ್ಡಿ ಗೋವಿಂದಯ್ಯ, ಯಡವನಹಳ್ಳಿ ಚಂದ್ರು, ಕಲ್ಯಾ ಲಕ್ಷ್ಮಣ್, ಕೋಟೆ ನಾರಾಯಣ, ಸೀನಪ್ಪ, ಗುಡ್ಡೆ ವೆಂಕಟೇಶ್, ಕುಮಾರ್, ಆನಂದ್, ಶಿವರಾಯ ಮುಂತಾದವರು ಹಾಜರಿದ್ದರು.

ಸಿ.ಲಿಂ.ನಾಗರಾಜು ಪ್ರತಿಷ್ಠಾನದ ವತಿಯಿಂದ ಒಳರೋಗಿಗಳಿಗೆ ಬ್ರೆಡ್ - ಜ್ಯೂಸ್ ವಿತರಣೆ

ಚನ್ನಪಟ್ಟಣ: ವಿಶ್ವಜ್ಞಾನಿ ಸಂವಿಧಾನ ಶಿಲ್ಪಿ ಡಾ.ಬಿ.ಆರ್.ಅಂಬೇಡ್ಕರ್ ರವರ 135 ಜನ್ಮದಿನದ ಅಂಗವಾಗಿ ಸಿಂ.ಲಿಂ.ನಾಗರಾಜು ಪ್ರತಿಷ್ಠಾನದ ಪ್ರಧಾನ ಕಾರ್ಯದರ್ಶಿಗಳಾದ ಆದರ್ಶ್ ಸಿಂ.ಲಿಂ.ನಾಗರಾಜು ರವರು ಚನ್ನಪಟ್ಟಣದ ಡಾ.ಬಿ.ಆರ್.ಅಂಬೇಡ್ಕರ್ ಪ್ರತಿಮೆಗೆ ಮಾಲಾರ್ಪಣೆ ಮಾಡಿ ಗೌರವ ನಮನಗಳನ್ನು ಸಲ್ಲಿಸಿದರು. ನಂತರ ವಿಶ್ವಮಾನವ ಕುವೆಂಪು ರವರ ಪ್ರತಿಮೆಗೂ ಮಾಲಾರ್ಪಣೆ ಮಾಡಿ ಗೌರವ ನಮನಗಳನ್ನು ಸಲ್ಲಿಸಿ ನಗರದ ಸಾರ್ವಜನಿಕ ಆಸ್ಪತ್ರೆಗೆ ತೆರಳಿ ಅಲ್ಲಿನ ಒಳರೋಗಿಗಳಿಗೆ ಬ್ರೆಡ್ ಮತ್ತು ಹಣ್ಣಿನ ಜ್ಯೂಸ್‌ಗಳನ್ನು ನೀಡಿ ಅವರಿಗೂ ಅಂಬೇಡ್ಕರ್ ಜಯಂತಿಯ ಶುಭಾಶಯಗಳನ್ನು ತಿಳಿಸಿ ಬೇಗ

ಗುಣಮುಖರಾಗಿ ಎಂದುಹಾರೈಸಿದರು.

ಈ ಅರ್ಥಪೂರ್ಣ ಕಾರ್ಯಕ್ರಮದಲ್ಲಿ ಡಾ.ಲೋಕಾನಂದ್, ಡಾ.ಮಹೇಂದ್ರ ಕುಮಾರ್ ಹಾಗೂ ಅನನ್ಯ ಕ್ರಿಯೇಷನ್ ಮತ್ತು ಅನನ್ಯ ಸುದ್ದಿ ಮಾಸಪತ್ರಿಕೆಯ ಸಂಸ್ಥಾಪಕರು ರಾಜೇಶ್ ರಾಂಪುರ, ಕದಂಬ ಸೇನೆಯ ಶಿವಕುಮಾರ್,

ಸಿದ್ದರಾಮು ರಾಂಪುರ, ಅನನ್ಯ ಸುದ್ದಿಯ ಬೆಂಗಳೂರು ದಕ್ಷಿಣ ಜಿಲ್ಲಾ ವರದಿಗಾರ ಹನುಮಂತಯ್ಯ ಕೋಡಂಬಹಳ್ಳಿ ಮತ್ತು ನಗರದ ಸಾರ್ವಜನಿಕ ಆಸ್ಪತ್ರೆಯ ಸಿಬ್ಬಂದಿಗಳು ಭಾಗವಹಿಸಿ ಕಾರ್ಯಕ್ರಮದ ಯಶಸ್ವಿಗೆ ಕಾರಣರಾದರು.
